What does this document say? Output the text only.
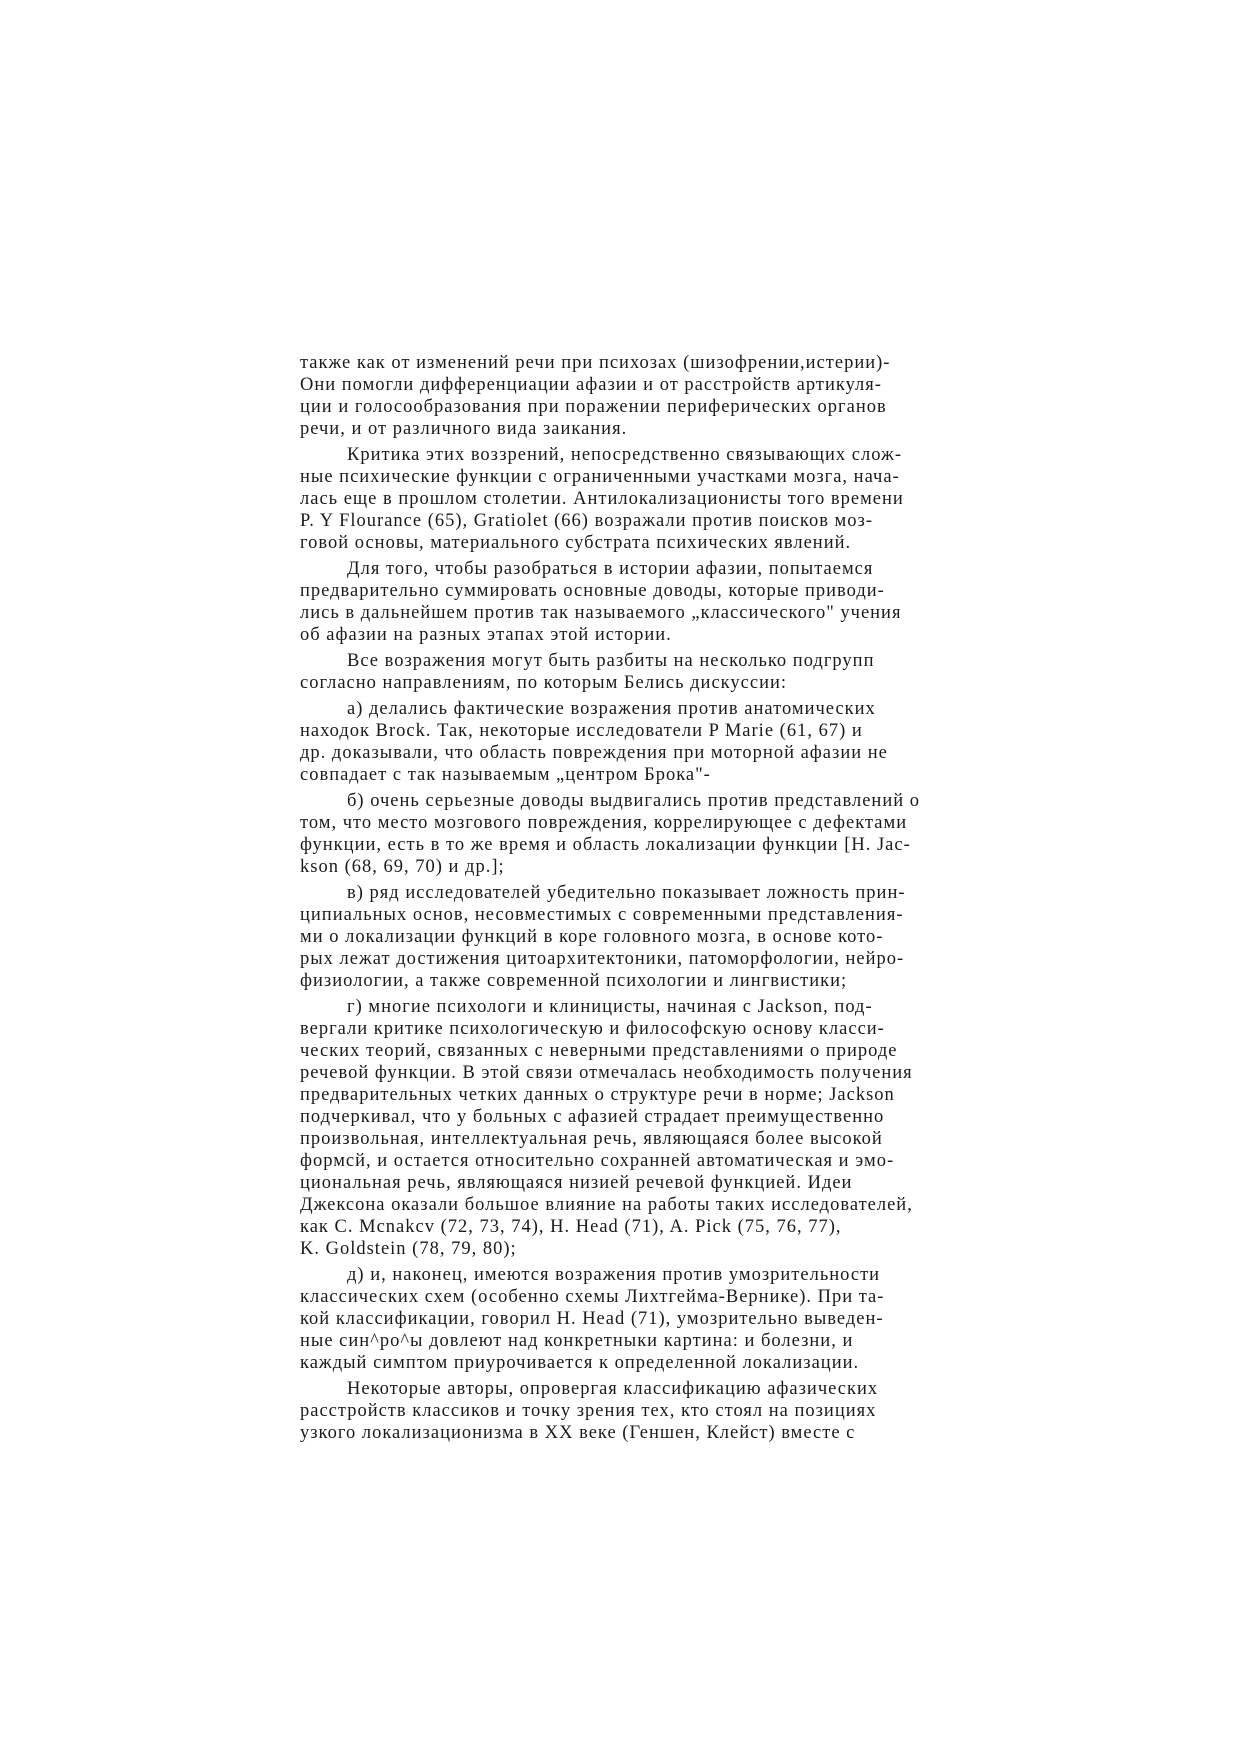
также как от изменений речи при психозах (шизофрении,истерии)-
Они помогли дифференциации афазии и от расстройств артикуля-
ции и голосообразования при поражении периферических органов
речи, и от различного вида заикания.
Критика этих воззрений, непосредственно связывающих слож-
ные психические функции с ограниченными участками мозга, нача-
лась еще в прошлом столетии. Антилокализационисты того времени
P. Y Flourance (65), Gratiolet (66) возражали против поисков моз-
говой основы, материального субстрата психических явлений.
Для того, чтобы разобраться в истории афазии, попытаемся
предварительно суммировать основные доводы, которые приводи-
лись в дальнейшем против так называемого „классического" учения
об афазии на разных этапах этой истории.
Все возражения могут быть разбиты на несколько подгрупп
согласно направлениям, по которым Белись дискуссии:
а) делались фактические возражения против анатомических
находок Brock. Так, некоторые исследователи P Marie (61, 67) и
др. доказывали, что область повреждения при моторной афазии не
совпадает с так называемым „центром Брока"-
б) очень серьезные доводы выдвигались против представлений о
том, что место мозгового повреждения, коррелирующее с дефектами
функции, есть в то же время и область локализации функции [H. Jac-
kson (68, 69, 70) и др.];
в) ряд исследователей убедительно показывает ложность прин-
ципиальных основ, несовместимых с современными представления-
ми о локализации функций в коре головного мозга, в основе кото-
рых лежат достижения цитоархитектоники, патоморфологии, нейро-
физиологии, а также современной психологии и лингвистики;
г) многие психологи и клиницисты, начиная с Jackson, под-
вергали критике психологическую и философскую основу класси-
ческих теорий, связанных с неверными представлениями о природе
речевой функции. В этой связи отмечалась необходимость получения
предварительных четких данных о структуре речи в норме; Jackson
подчеркивал, что у больных с афазией страдает преимущественно
произвольная, интеллектуальная речь, являющаяся более высокой
формсй, и остается относительно сохранней автоматическая и эмо-
циональная речь, являющаяся низией речевой функцией. Идеи
Джексона оказали большое влияние на работы таких исследователей,
как C. Mcnakcv (72, 73, 74), H. Head (71), A. Pick (75, 76, 77),
K. Goldstein (78, 79, 80);
д) и, наконец, имеются возражения против умозрительности
классических схем (особенно схемы Лихтгейма-Вернике). При та-
кой классификации, говорил H. Head (71), умозрительно выведен-
ные син^ро^ы довлеют над конкретныки картина: и болезни, и
каждый симптом приурочивается к определенной локализации.
Некоторые авторы, опровергая классификацию афазических
расстройств классиков и точку зрения тех, кто стоял на позициях
узкого локализационизма в XX веке (Геншен, Клейст) вместе с
